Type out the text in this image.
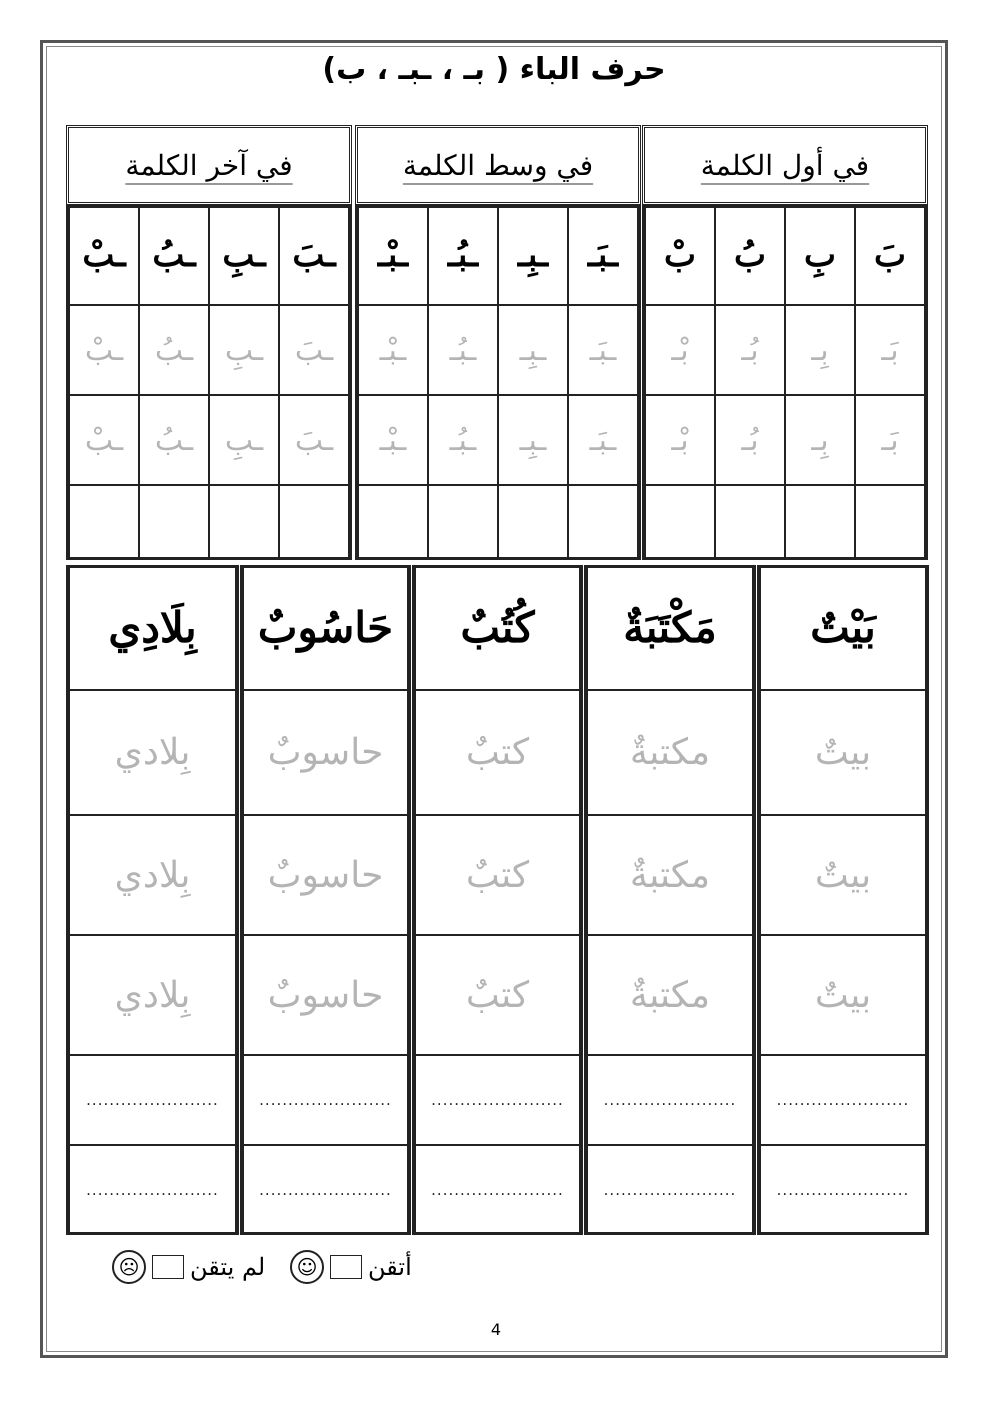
حرف الباء ( بـ ، ـبـ ، ب)
في أول الكلمة
بَ
بَـ
بَـ
بِ
بِـ
بِـ
بُ
بُـ
بُـ
بْ
بْـ
بْـ
في وسط الكلمة
ـبَـ
ـبَـ
ـبَـ
ـبِـ
ـبِـ
ـبِـ
ـبُـ
ـبُـ
ـبُـ
ـبْـ
ـبْـ
ـبْـ
في آخر الكلمة
ـبَ
ـبَ
ـبَ
ـبِ
ـبِ
ـبِ
ـبُ
ـبُ
ـبُ
ـبْ
ـبْ
ـبْ
بَيْتٌ
بيتٌ
بيتٌ
بيتٌ
.......................
.......................
مَكْتَبَةٌ
مكتبةٌ
مكتبةٌ
مكتبةٌ
.......................
.......................
كُتُبٌ
كتبٌ
كتبٌ
كتبٌ
.......................
.......................
حَاسُوبٌ
حاسوبٌ
حاسوبٌ
حاسوبٌ
.......................
.......................
بِلَادِي
بِلادي
بِلادي
بِلادي
.......................
.......................
أتقن
☺
لم يتقن
☹
4
